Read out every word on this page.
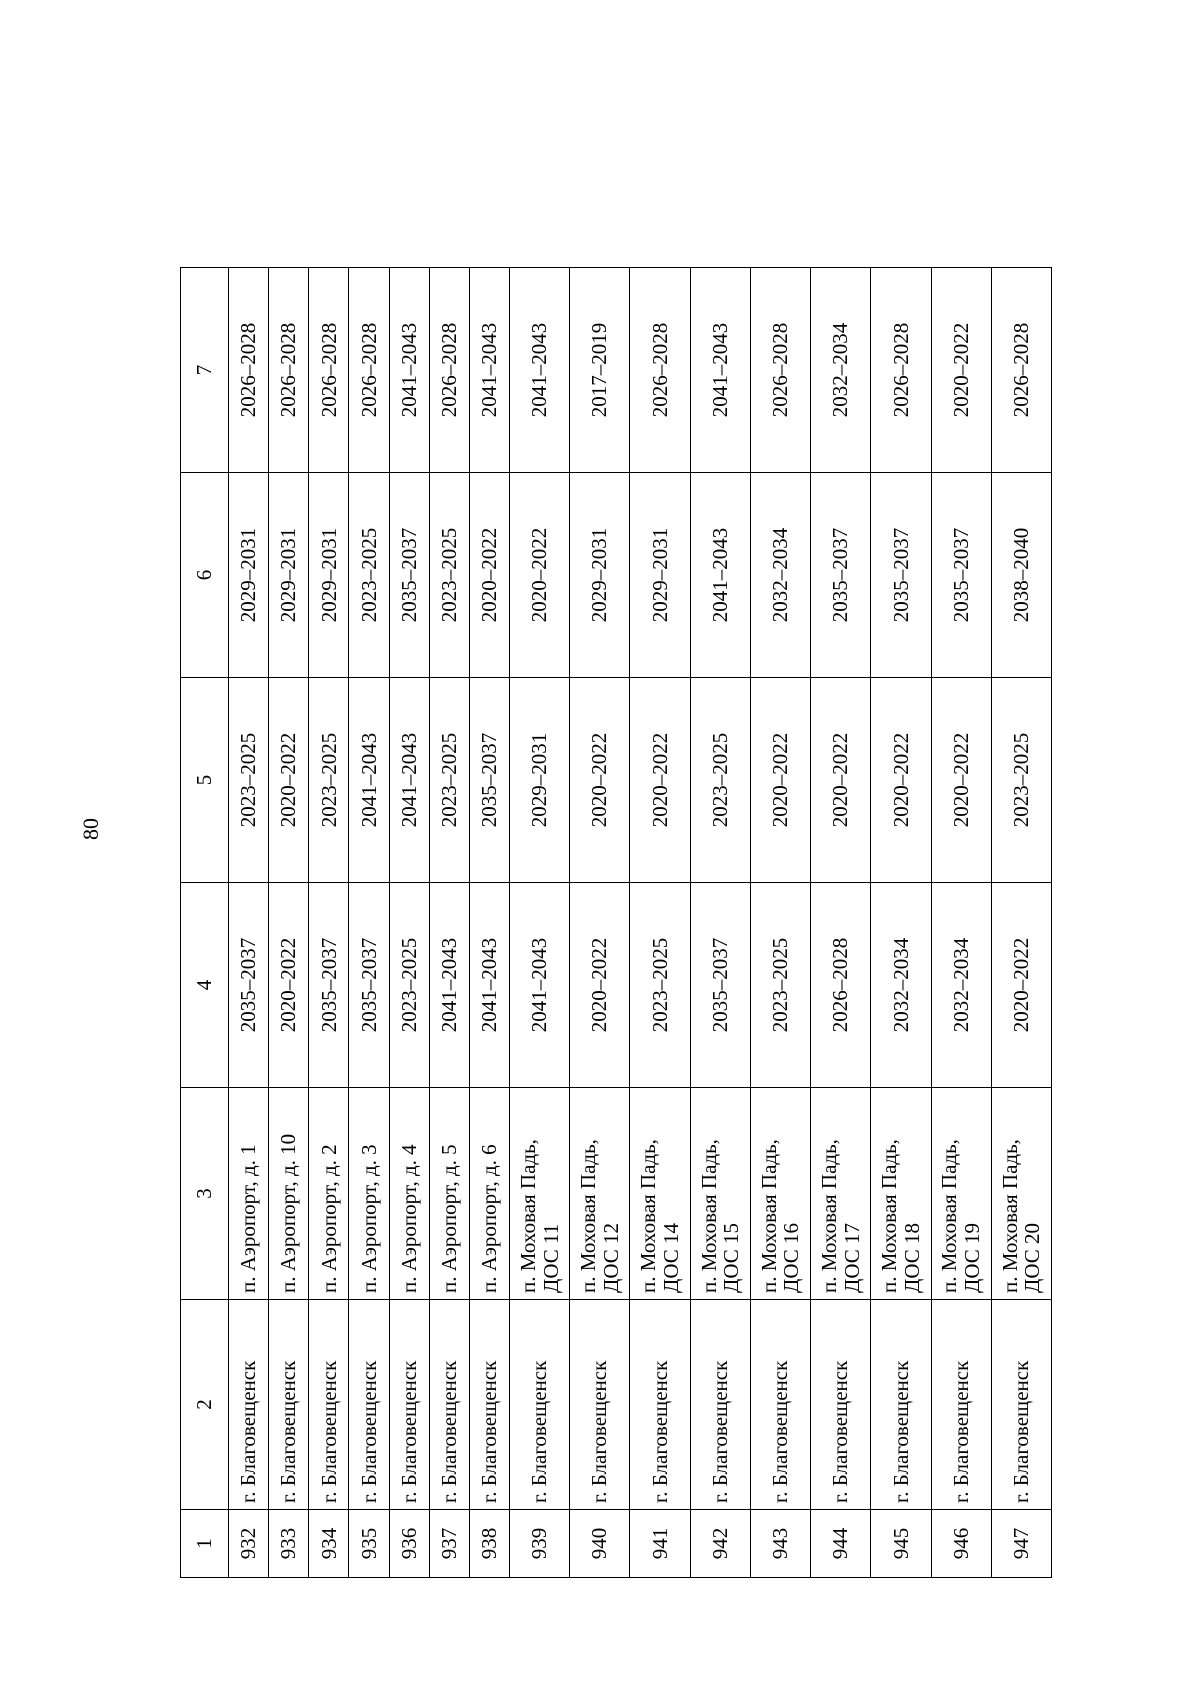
80
1	2	3	4	5	6	7
932	г. Благовещенск	п. Аэропорт, д. 1	2035–2037	2023–2025	2029–2031	2026–2028
933	г. Благовещенск	п. Аэропорт, д. 10	2020–2022	2020–2022	2029–2031	2026–2028
934	г. Благовещенск	п. Аэропорт, д. 2	2035–2037	2023–2025	2029–2031	2026–2028
935	г. Благовещенск	п. Аэропорт, д. 3	2035–2037	2041–2043	2023–2025	2026–2028
936	г. Благовещенск	п. Аэропорт, д. 4	2023–2025	2041–2043	2035–2037	2041–2043
937	г. Благовещенск	п. Аэропорт, д. 5	2041–2043	2023–2025	2023–2025	2026–2028
938	г. Благовещенск	п. Аэропорт, д. 6	2041–2043	2035–2037	2020–2022	2041–2043
939	г. Благовещенск	п. Моховая Падь, ДОС 11	2041–2043	2029–2031	2020–2022	2041–2043
940	г. Благовещенск	п. Моховая Падь, ДОС 12	2020–2022	2020–2022	2029–2031	2017–2019
941	г. Благовещенск	п. Моховая Падь, ДОС 14	2023–2025	2020–2022	2029–2031	2026–2028
942	г. Благовещенск	п. Моховая Падь, ДОС 15	2035–2037	2023–2025	2041–2043	2041–2043
943	г. Благовещенск	п. Моховая Падь, ДОС 16	2023–2025	2020–2022	2032–2034	2026–2028
944	г. Благовещенск	п. Моховая Падь, ДОС 17	2026–2028	2020–2022	2035–2037	2032–2034
945	г. Благовещенск	п. Моховая Падь, ДОС 18	2032–2034	2020–2022	2035–2037	2026–2028
946	г. Благовещенск	п. Моховая Падь, ДОС 19	2032–2034	2020–2022	2035–2037	2020–2022
947	г. Благовещенск	п. Моховая Падь, ДОС 20	2020–2022	2023–2025	2038–2040	2026–2028
